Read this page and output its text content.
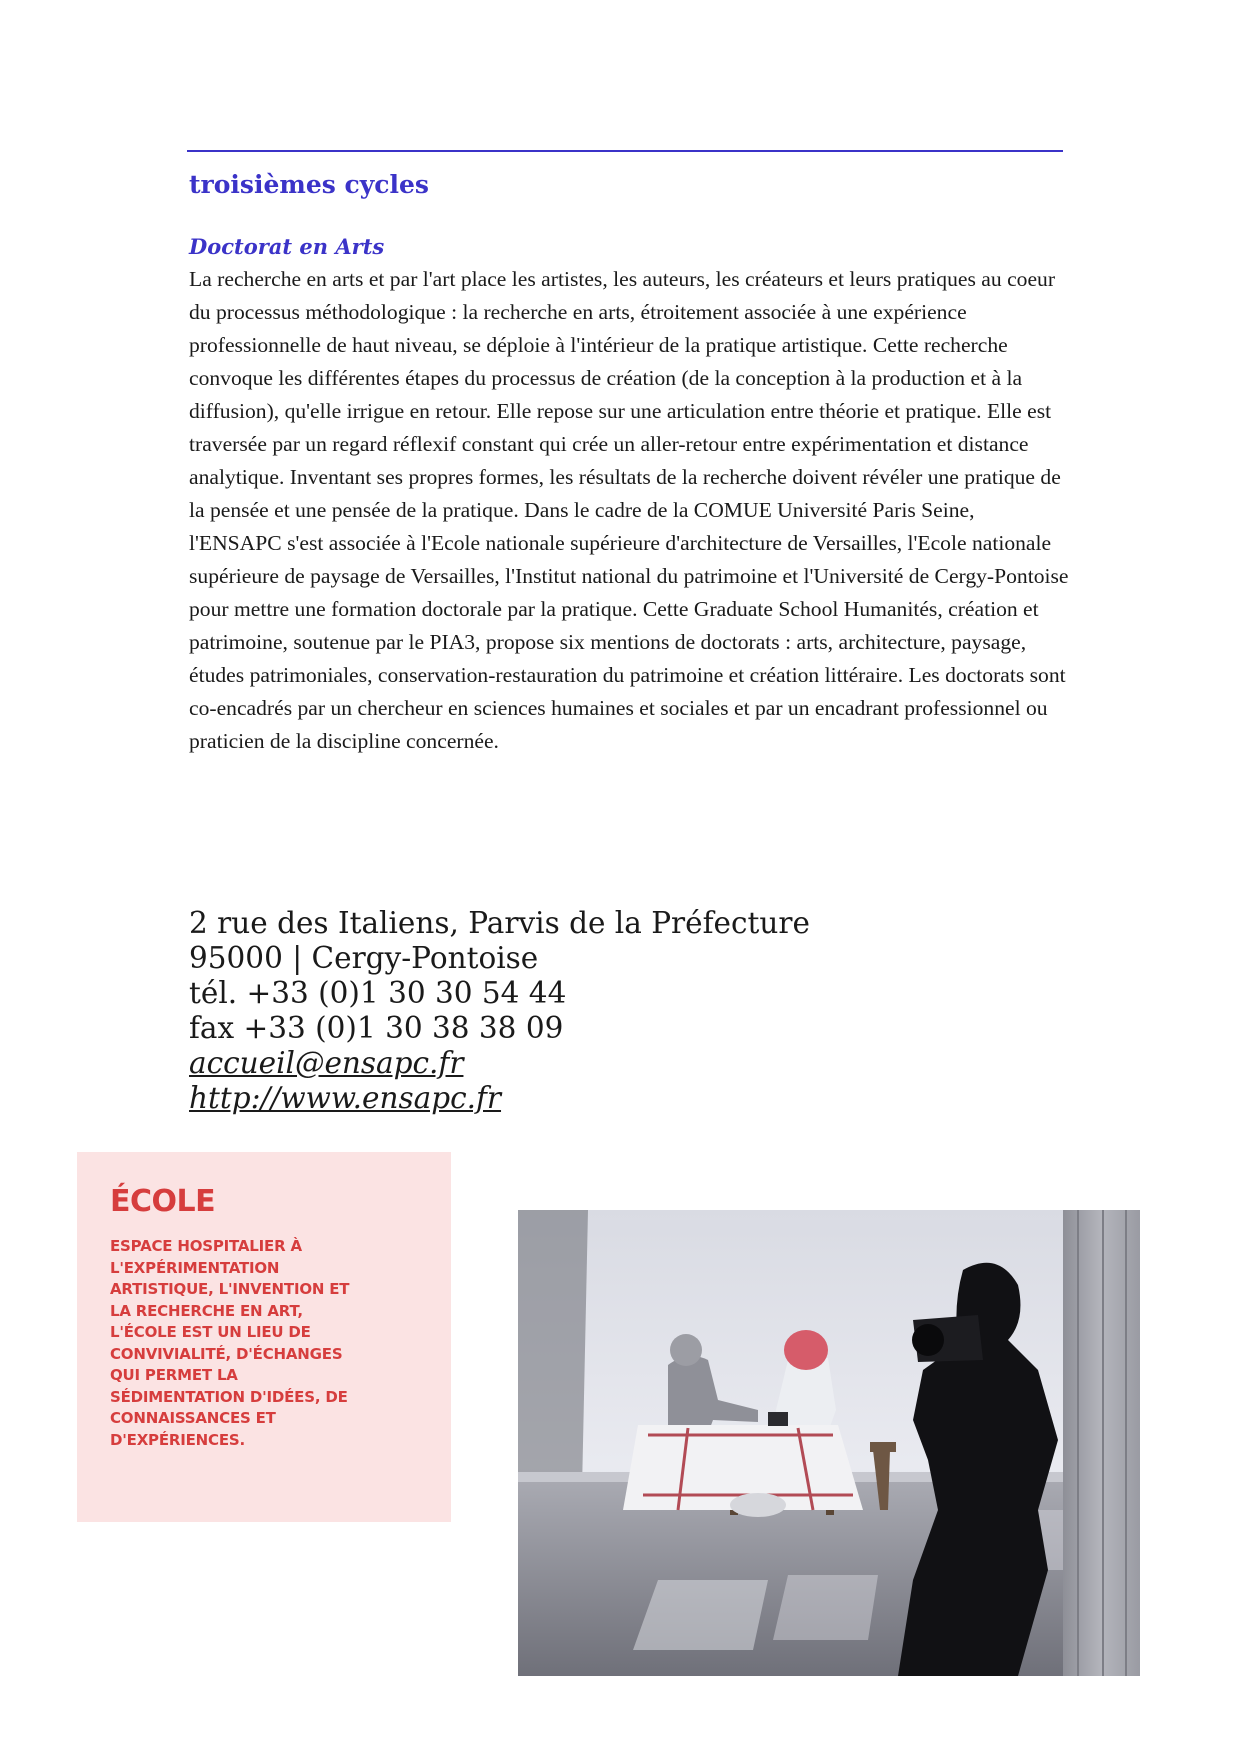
troisièmes cycles
Doctorat en Arts

La recherche en arts et par l'art place les artistes, les auteurs, les créateurs et leurs pratiques au coeur du processus méthodologique : la recherche en arts, étroitement associée à une expérience professionnelle de haut niveau, se déploie à l'intérieur de la pratique artistique. Cette recherche convoque les différentes étapes du processus de création (de la conception à la production et à la diffusion), qu'elle irrigue en retour. Elle repose sur une articulation entre théorie et pratique. Elle est traversée par un regard réflexif constant qui crée un aller-retour entre expérimentation et distance analytique. Inventant ses propres formes, les résultats de la recherche doivent révéler une pratique de la pensée et une pensée de la pratique. Dans le cadre de la COMUE Université Paris Seine, l'ENSAPC s'est associée à l'Ecole nationale supérieure d'architecture de Versailles, l'Ecole nationale supérieure de paysage de Versailles, l'Institut national du patrimoine et l'Université de Cergy-Pontoise pour mettre une formation doctorale par la pratique. Cette Graduate School Humanités, création et patrimoine, soutenue par le PIA3, propose six mentions de doctorats : arts, architecture, paysage, études patrimoniales, conservation-restauration du patrimoine et création littéraire. Les doctorats sont co-encadrés par un chercheur en sciences humaines et sociales et par un encadrant professionnel ou praticien de la discipline concernée.

2 rue des Italiens, Parvis de la Préfecture
95000 | Cergy-Pontoise
tél. +33 (0)1 30 30 54 44
fax +33 (0)1 30 38 38 09
accueil@ensapc.fr
http://www.ensapc.fr
ÉCOLE

ESPACE HOSPITALIER À L'EXPÉRIMENTATION ARTISTIQUE, L'INVENTION ET LA RECHERCHE EN ART, L'ÉCOLE EST UN LIEU DE CONVIVIALITÉ, D'ÉCHANGES QUI PERMET LA SÉDIMENTATION D'IDÉES, DE CONNAISSANCES ET D'EXPÉRIENCES.
